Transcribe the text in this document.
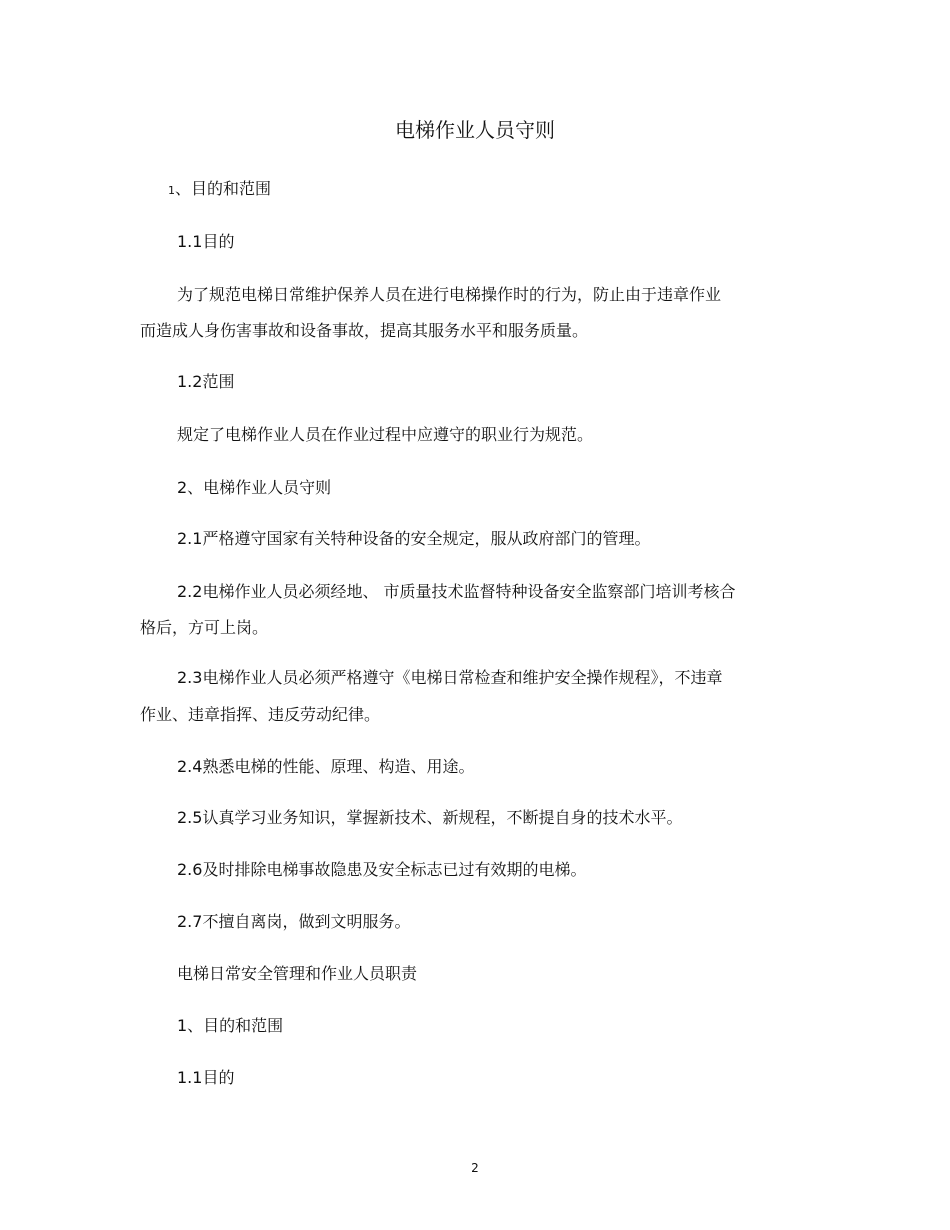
电梯作业人员守则
1、目的和范围
1.1目的
为了规范电梯日常维护保养人员在进行电梯操作时的行为，防止由于违章作业
而造成人身伤害事故和设备事故，提高其服务水平和服务质量。
1.2范围
规定了电梯作业人员在作业过程中应遵守的职业行为规范。
2、电梯作业人员守则
2.1严格遵守国家有关特种设备的安全规定，服从政府部门的管理。
2.2电梯作业人员必须经地、 市质量技术监督特种设备安全监察部门培训考核合
格后，方可上岗。
2.3电梯作业人员必须严格遵守《电梯日常检查和维护安全操作规程》，不违章
作业、违章指挥、违反劳动纪律。
2.4熟悉电梯的性能、原理、构造、用途。
2.5认真学习业务知识，掌握新技术、新规程，不断提自身的技术水平。
2.6及时排除电梯事故隐患及安全标志已过有效期的电梯。
2.7不擅自离岗，做到文明服务。
电梯日常安全管理和作业人员职责
1、目的和范围
1.1目的
2
